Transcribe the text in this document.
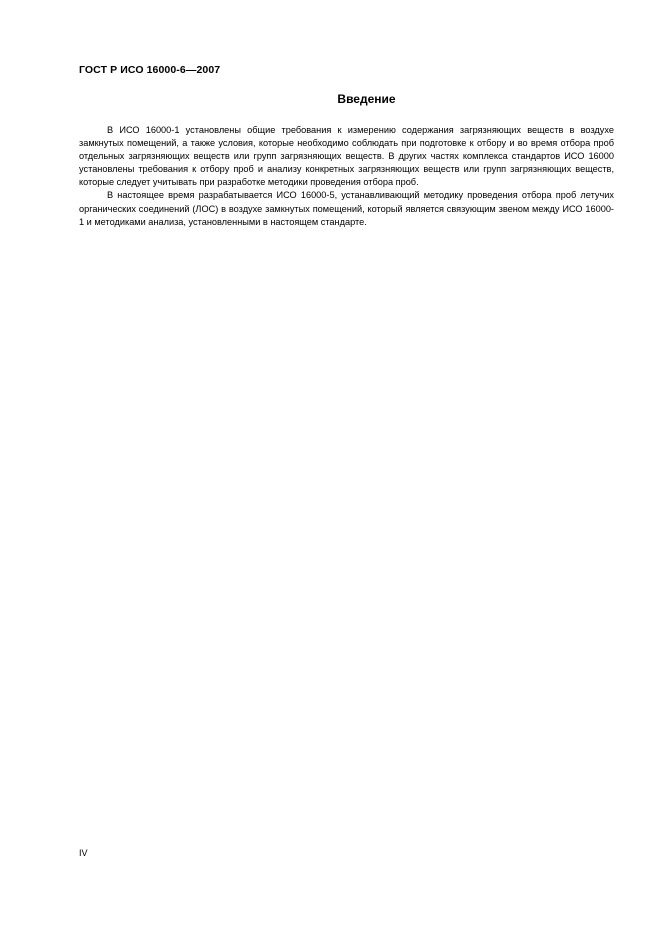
ГОСТ Р ИСО 16000-6—2007
Введение

В ИСО 16000-1 установлены общие требования к измерению содержания загрязняющих веществ в воздухе замкнутых помещений, а также условия, которые необходимо соблюдать при подготовке к отбору и во время отбора проб отдельных загрязняющих веществ или групп загрязняющих веществ. В других частях комплекса стандартов ИСО 16000 установлены требования к отбору проб и анализу конкретных загрязняющих веществ или групп загрязняющих веществ, которые следует учитывать при разработке методики проведения отбора проб.

В настоящее время разрабатывается ИСО 16000-5, устанавливающий методику проведения отбора проб летучих органических соединений (ЛОС) в воздухе замкнутых помещений, который является связующим звеном между ИСО 16000-1 и методиками анализа, установленными в настоящем стандарте.

IV
